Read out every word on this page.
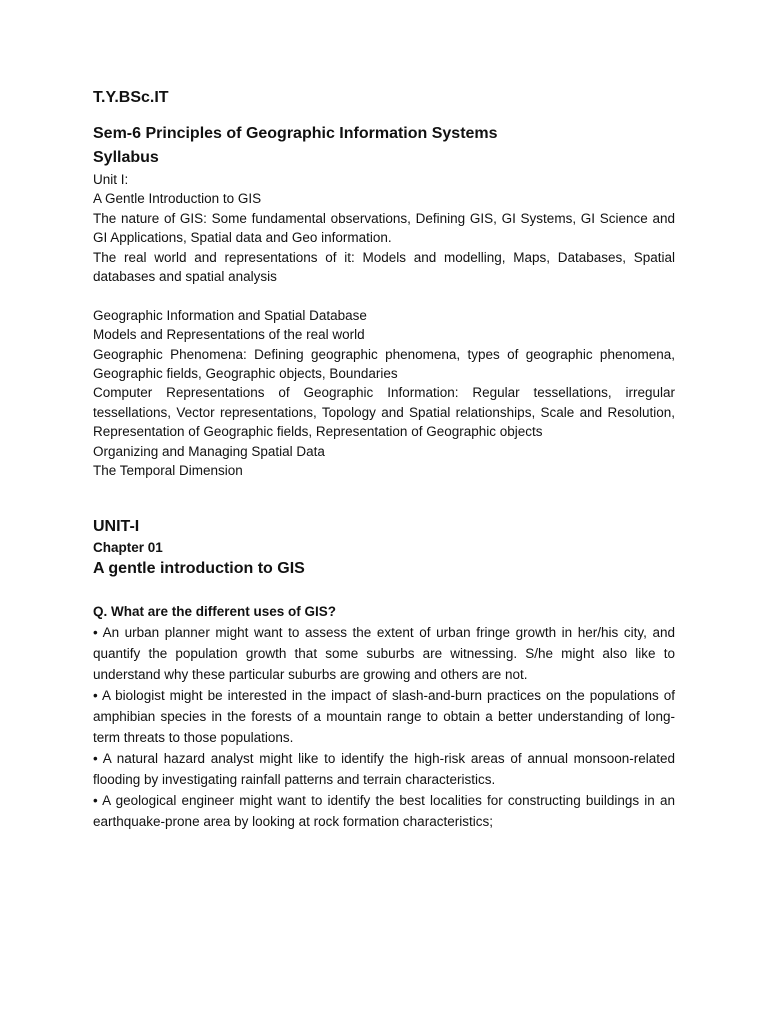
T.Y.BSc.IT
Sem-6 Principles of Geographic Information Systems
Syllabus
Unit I:
A Gentle Introduction to GIS
The nature of GIS: Some fundamental observations, Defining GIS, GI Systems, GI Science and GI Applications, Spatial data and Geo information.
The real world and representations of it: Models and modelling, Maps, Databases, Spatial databases and spatial analysis
Geographic Information and Spatial Database
Models and Representations of the real world
Geographic Phenomena: Defining geographic phenomena, types of geographic phenomena, Geographic fields, Geographic objects, Boundaries
Computer Representations of Geographic Information: Regular tessellations, irregular tessellations, Vector representations, Topology and Spatial relationships, Scale and Resolution, Representation of Geographic fields, Representation of Geographic objects
Organizing and Managing Spatial Data
The Temporal Dimension
UNIT-I
Chapter 01
A gentle introduction to GIS
Q. What are the different uses of GIS?
• An urban planner might want to assess the extent of urban fringe growth in her/his city, and quantify the population growth that some suburbs are witnessing. S/he might also like to understand why these particular suburbs are growing and others are not.
• A biologist might be interested in the impact of slash-and-burn practices on the populations of amphibian species in the forests of a mountain range to obtain a better understanding of long-term threats to those populations.
• A natural hazard analyst might like to identify the high-risk areas of annual monsoon-related flooding by investigating rainfall patterns and terrain characteristics.
• A geological engineer might want to identify the best localities for constructing buildings in an earthquake-prone area by looking at rock formation characteristics;
